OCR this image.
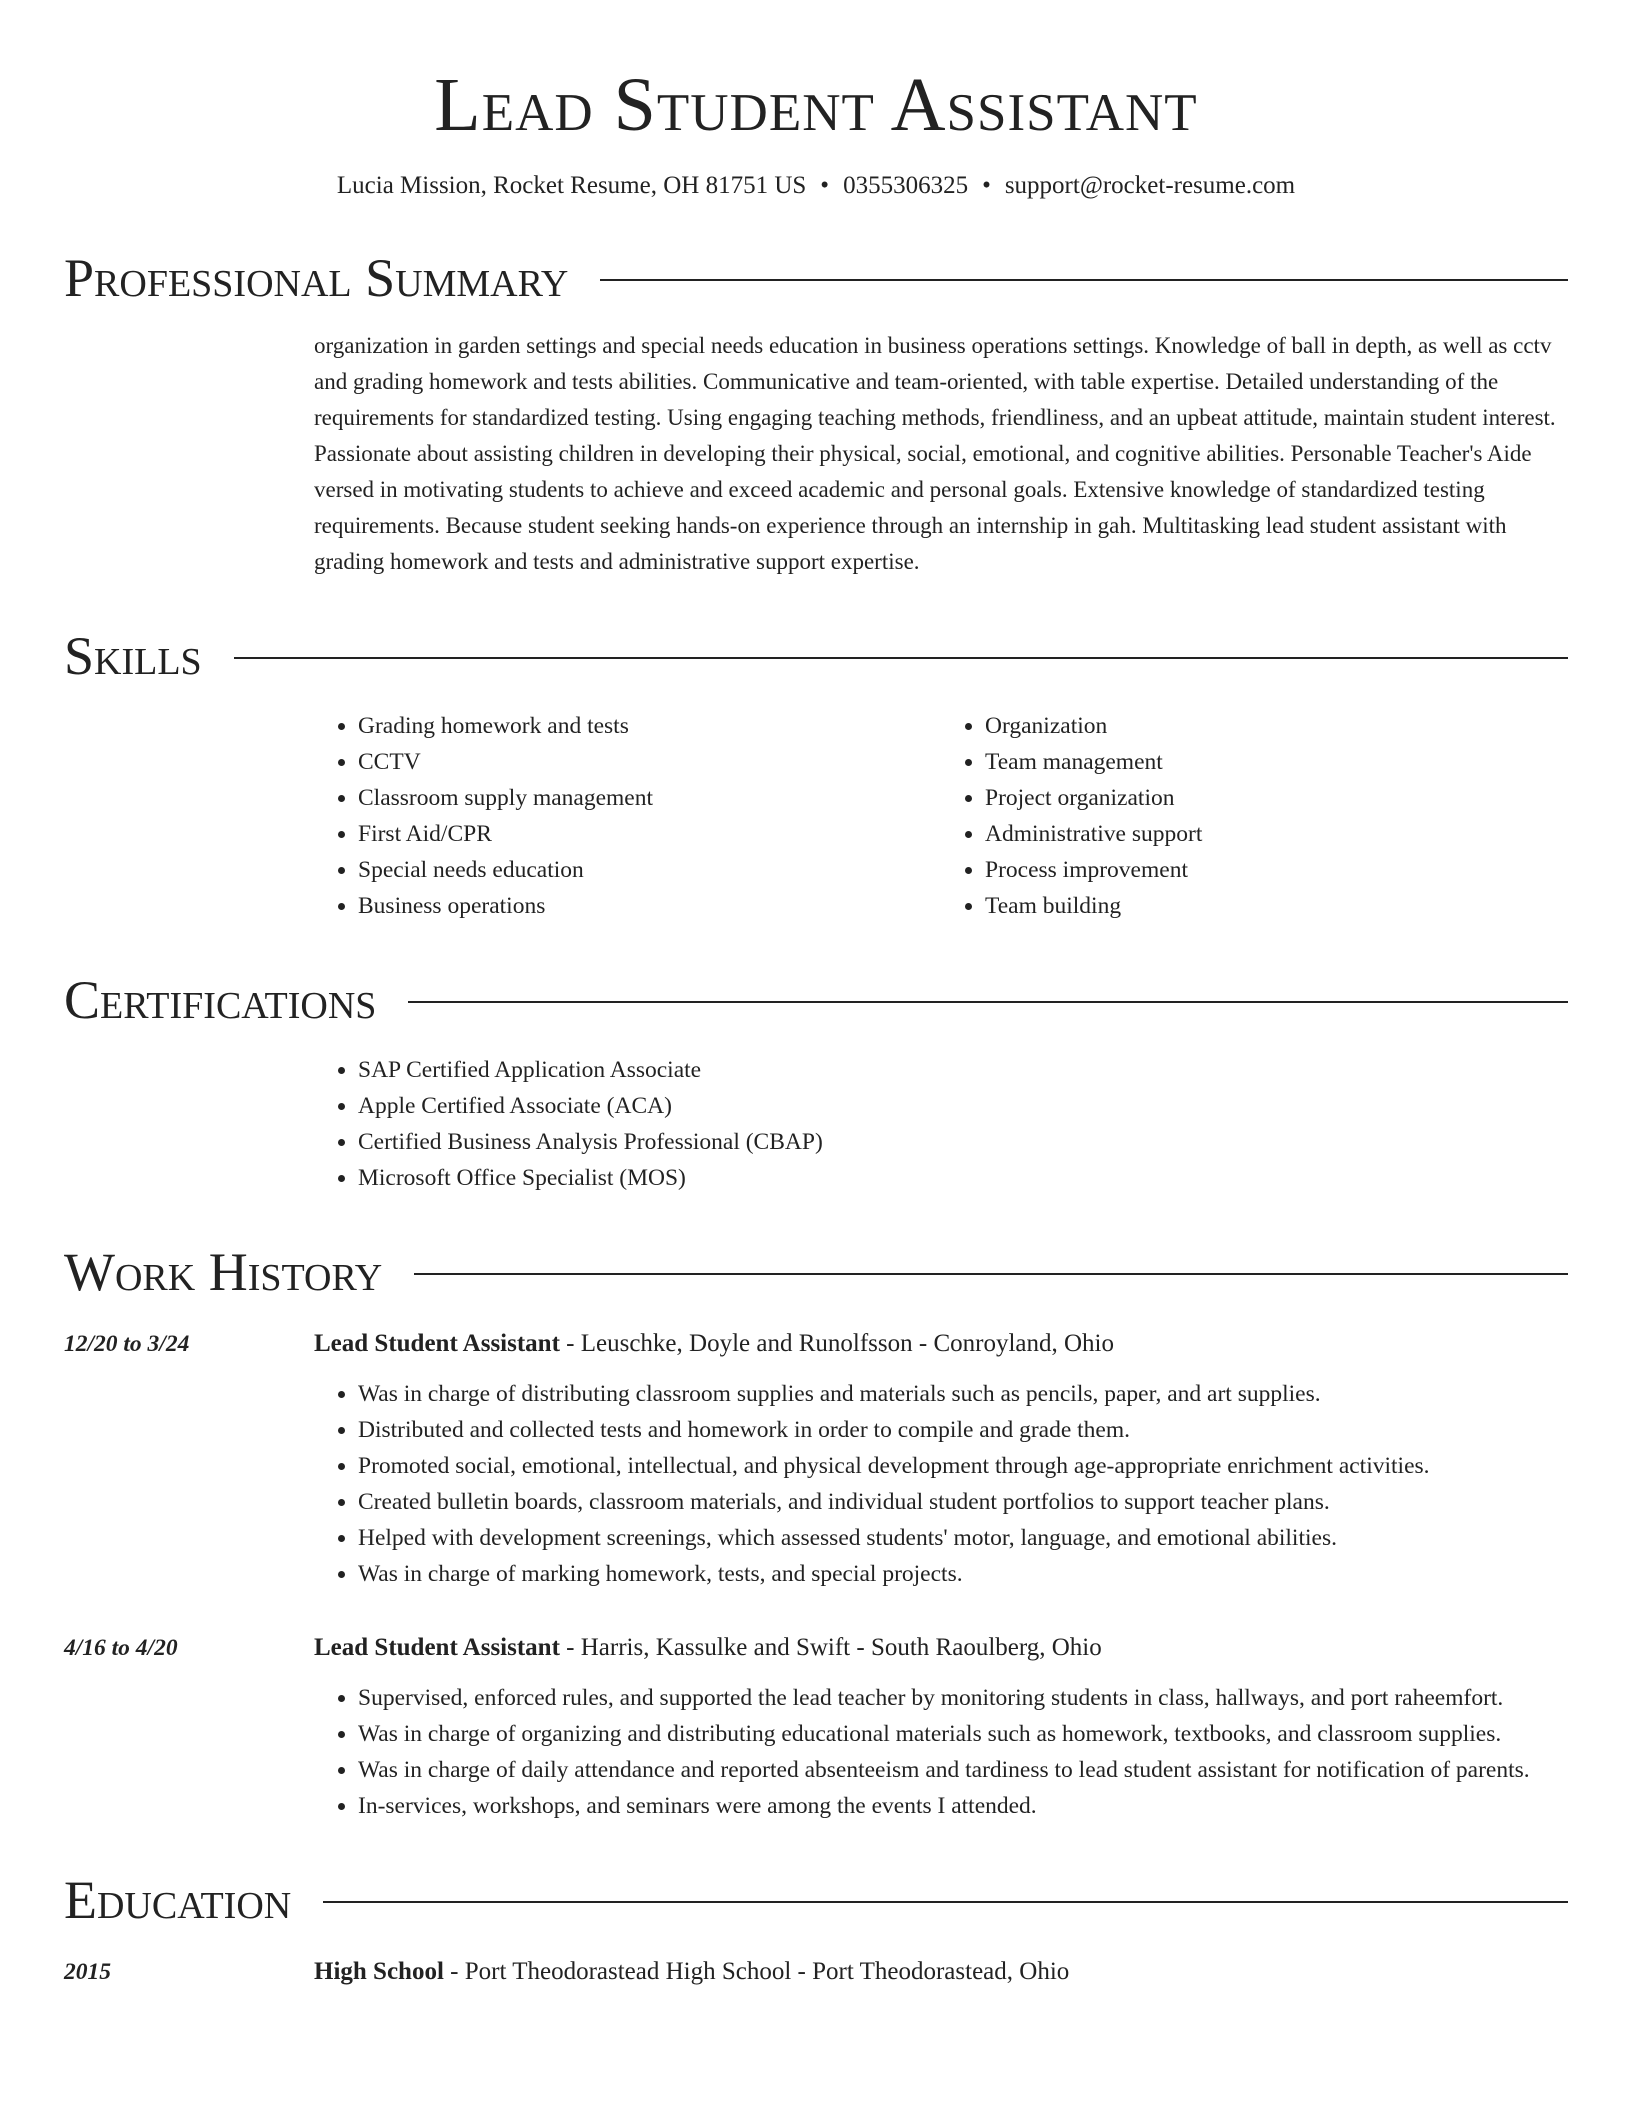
Lead Student Assistant
Lucia Mission, Rocket Resume, OH 81751 US • 0355306325 • support@rocket-resume.com
Professional Summary
organization in garden settings and special needs education in business operations settings. Knowledge of ball in depth, as well as cctv and grading homework and tests abilities. Communicative and team-oriented, with table expertise. Detailed understanding of the requirements for standardized testing. Using engaging teaching methods, friendliness, and an upbeat attitude, maintain student interest. Passionate about assisting children in developing their physical, social, emotional, and cognitive abilities. Personable Teacher's Aide versed in motivating students to achieve and exceed academic and personal goals. Extensive knowledge of standardized testing requirements. Because student seeking hands-on experience through an internship in gah. Multitasking lead student assistant with grading homework and tests and administrative support expertise.
Skills
• Grading homework and tests
• CCTV
• Classroom supply management
• First Aid/CPR
• Special needs education
• Business operations
• Organization
• Team management
• Project organization
• Administrative support
• Process improvement
• Team building
Certifications
• SAP Certified Application Associate
• Apple Certified Associate (ACA)
• Certified Business Analysis Professional (CBAP)
• Microsoft Office Specialist (MOS)
Work History
12/20 to 3/24	Lead Student Assistant - Leuschke, Doyle and Runolfsson - Conroyland, Ohio
• Was in charge of distributing classroom supplies and materials such as pencils, paper, and art supplies.
• Distributed and collected tests and homework in order to compile and grade them.
• Promoted social, emotional, intellectual, and physical development through age-appropriate enrichment activities.
• Created bulletin boards, classroom materials, and individual student portfolios to support teacher plans.
• Helped with development screenings, which assessed students' motor, language, and emotional abilities.
• Was in charge of marking homework, tests, and special projects.
4/16 to 4/20	Lead Student Assistant - Harris, Kassulke and Swift - South Raoulberg, Ohio
• Supervised, enforced rules, and supported the lead teacher by monitoring students in class, hallways, and port raheemfort.
• Was in charge of organizing and distributing educational materials such as homework, textbooks, and classroom supplies.
• Was in charge of daily attendance and reported absenteeism and tardiness to lead student assistant for notification of parents.
• In-services, workshops, and seminars were among the events I attended.
Education
2015	High School - Port Theodorastead High School - Port Theodorastead, Ohio
